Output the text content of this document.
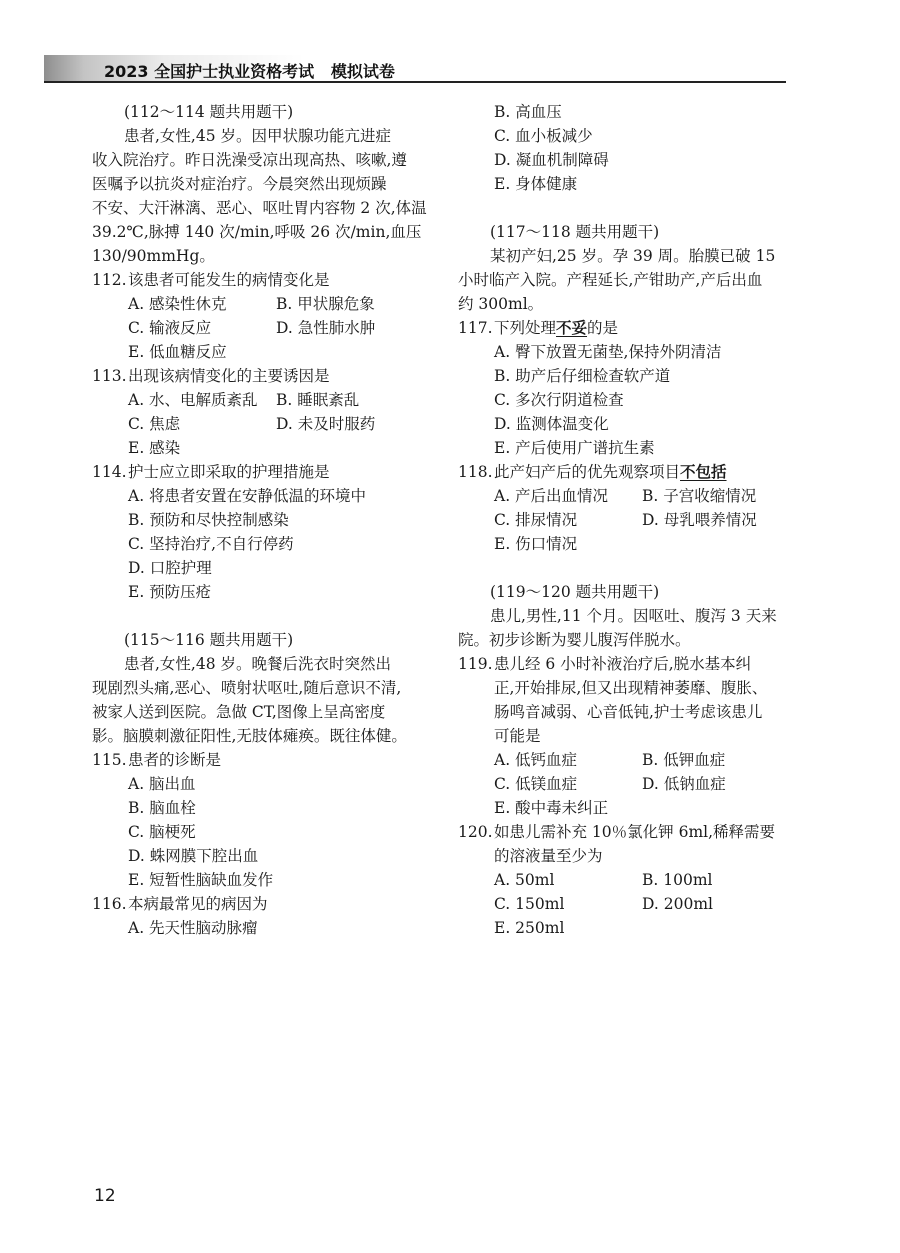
2023 全国护士执业资格考试   模拟试卷
(112～114 题共用题干)
患者,女性,45 岁。因甲状腺功能亢进症
收入院治疗。昨日洗澡受凉出现高热、咳嗽,遵
医嘱予以抗炎对症治疗。今晨突然出现烦躁
不安、大汗淋漓、恶心、呕吐胃内容物 2 次,体温
39.2℃,脉搏 140 次/min,呼吸 26 次/min,血压
130/90mmHg。
112. 该患者可能发生的病情变化是
A. 感染性休克	B. 甲状腺危象
C. 输液反应	D. 急性肺水肿
E. 低血糖反应
113. 出现该病情变化的主要诱因是
A. 水、电解质紊乱	B. 睡眠紊乱
C. 焦虑	D. 未及时服药
E. 感染
114. 护士应立即采取的护理措施是
A. 将患者安置在安静低温的环境中
B. 预防和尽快控制感染
C. 坚持治疗,不自行停药
D. 口腔护理
E. 预防压疮
(115～116 题共用题干)
患者,女性,48 岁。晚餐后洗衣时突然出
现剧烈头痛,恶心、喷射状呕吐,随后意识不清,
被家人送到医院。急做 CT,图像上呈高密度
影。脑膜刺激征阳性,无肢体瘫痪。既往体健。
115. 患者的诊断是
A. 脑出血
B. 脑血栓
C. 脑梗死
D. 蛛网膜下腔出血
E. 短暂性脑缺血发作
116. 本病最常见的病因为
A. 先天性脑动脉瘤
B. 高血压
C. 血小板减少
D. 凝血机制障碍
E. 身体健康
(117～118 题共用题干)
某初产妇,25 岁。孕 39 周。胎膜已破 15
小时临产入院。产程延长,产钳助产,产后出血
约 300ml。
117. 下列处理不妥的是
A. 臀下放置无菌垫,保持外阴清洁
B. 助产后仔细检查软产道
C. 多次行阴道检查
D. 监测体温变化
E. 产后使用广谱抗生素
118. 此产妇产后的优先观察项目不包括
A. 产后出血情况	B. 子宫收缩情况
C. 排尿情况	D. 母乳喂养情况
E. 伤口情况
(119～120 题共用题干)
患儿,男性,11 个月。因呕吐、腹泻 3 天来
院。初步诊断为婴儿腹泻伴脱水。
119. 患儿经 6 小时补液治疗后,脱水基本纠
正,开始排尿,但又出现精神萎靡、腹胀、
肠鸣音减弱、心音低钝,护士考虑该患儿
可能是
A. 低钙血症	B. 低钾血症
C. 低镁血症	D. 低钠血症
E. 酸中毒未纠正
120. 如患儿需补充 10％氯化钾 6ml,稀释需要
的溶液量至少为
A. 50ml	B. 100ml
C. 150ml	D. 200ml
E. 250ml
12
